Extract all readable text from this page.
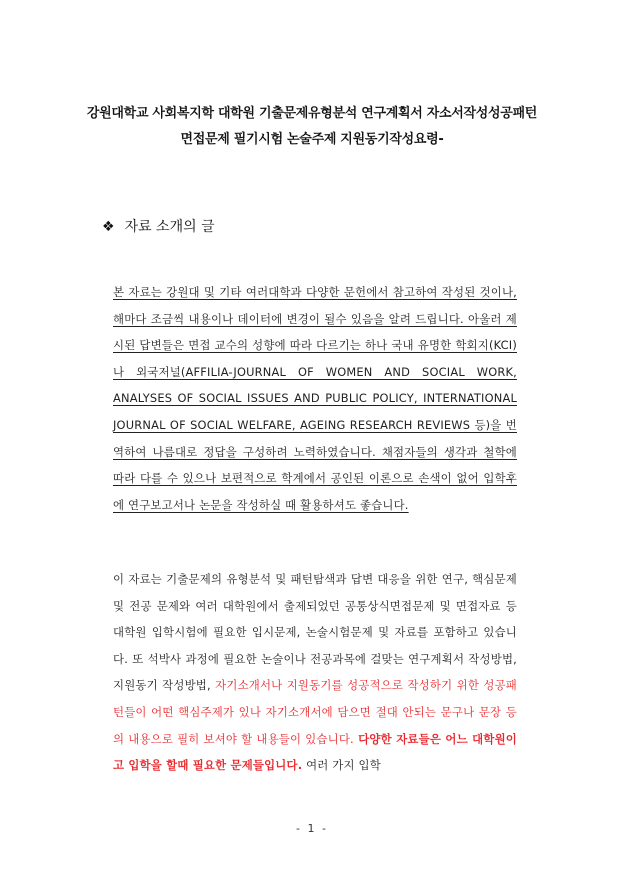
강원대학교 사회복지학 대학원 기출문제유형분석 연구계획서 자소서작성성공패턴
면접문제 필기시험 논술주제 지원동기작성요령-
❖ 자료 소개의 글
본 자료는 강원대 및 기타 여러대학과 다양한 문헌에서 참고하여 작성된 것이나, 해마다 조금씩 내용이나 데이터에 변경이 될수 있음을 알려 드립니다. 아울러 제시된 답변들은 면접 교수의 성향에 따라 다르기는 하나 국내 유명한 학회지(KCI)나 외국저널(AFFILIA-JOURNAL OF WOMEN AND SOCIAL WORK, ANALYSES OF SOCIAL ISSUES AND PUBLIC POLICY, INTERNATIONAL JOURNAL OF SOCIAL WELFARE, AGEING RESEARCH REVIEWS 등)을 번역하여 나름대로 정답을 구성하려 노력하였습니다. 채점자들의 생각과 철학에 따라 다를 수 있으나 보편적으로 학계에서 공인된 이론으로 손색이 없어 입학후에 연구보고서나 논문을 작성하실 때 활용하셔도 좋습니다.
이 자료는 기출문제의 유형분석 및 패턴탐색과 답변 대응을 위한 연구, 핵심문제 및 전공 문제와 여러 대학원에서 출제되었던 공통상식면접문제 및 면접자료 등 대학원 입학시험에 필요한 입시문제, 논술시험문제 및 자료를 포함하고 있습니다. 또 석박사 과정에 필요한 논술이나 전공과목에 걸맞는 연구계획서 작성방법, 지원동기 작성방법, 자기소개서나 지원동기를 성공적으로 작성하기 위한 성공패턴들이 어떤 핵심주제가 있나 자기소개서에 담으면 절대 안되는 문구나 문장 등 의 내용으로 필히 보셔야 할 내용들이 있습니다. 다양한 자료들은 어느 대학원이고 입학을 할때 필요한 문제들입니다. 여러 가지 입학
- 1 -
